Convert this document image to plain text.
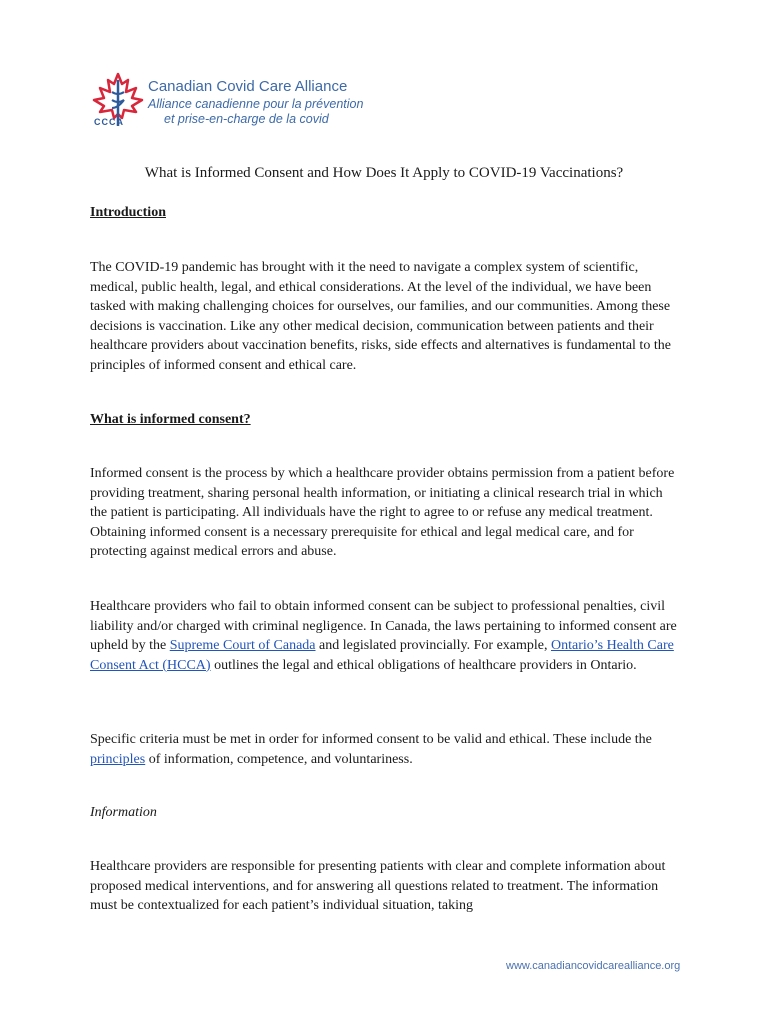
CCCA
Canadian Covid Care Alliance
Alliance canadienne pour la prévention
et prise-en-charge de la covid
What is Informed Consent and How Does It Apply to COVID-19 Vaccinations?
Introduction
The COVID-19 pandemic has brought with it the need to navigate a complex system of scientific, medical, public health, legal, and ethical considerations. At the level of the individual, we have been tasked with making challenging choices for ourselves, our families, and our communities. Among these decisions is vaccination. Like any other medical decision, communication between patients and their healthcare providers about vaccination benefits, risks, side effects and alternatives is fundamental to the principles of informed consent and ethical care.
What is informed consent?
Informed consent is the process by which a healthcare provider obtains permission from a patient before providing treatment, sharing personal health information, or initiating a clinical research trial in which the patient is participating. All individuals have the right to agree to or refuse any medical treatment. Obtaining informed consent is a necessary prerequisite for ethical and legal medical care, and for protecting against medical errors and abuse.
Healthcare providers who fail to obtain informed consent can be subject to professional penalties, civil liability and/or charged with criminal negligence. In Canada, the laws pertaining to informed consent are upheld by the Supreme Court of Canada and legislated provincially. For example, Ontario’s Health Care Consent Act (HCCA) outlines the legal and ethical obligations of healthcare providers in Ontario.
Specific criteria must be met in order for informed consent to be valid and ethical. These include the principles of information, competence, and voluntariness.
Information
Healthcare providers are responsible for presenting patients with clear and complete information about proposed medical interventions, and for answering all questions related to treatment. The information must be contextualized for each patient’s individual situation, taking
www.canadiancovidcarealliance.org
